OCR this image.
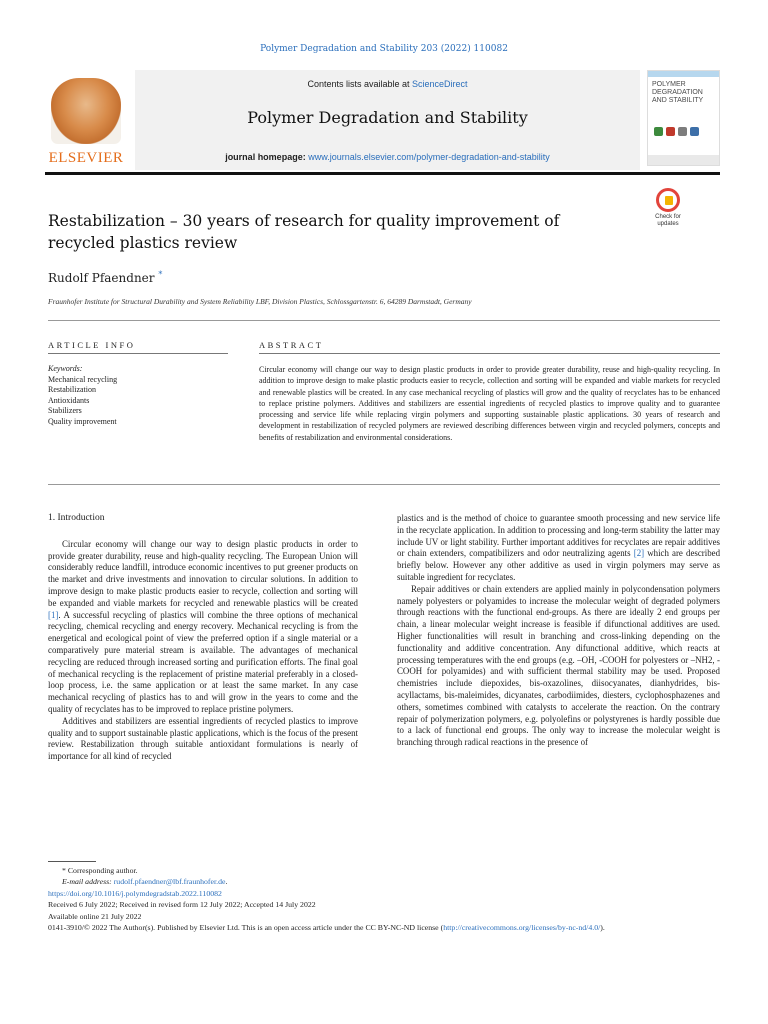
Polymer Degradation and Stability 203 (2022) 110082
ELSEVIER
Contents lists available at ScienceDirect
Polymer Degradation and Stability
journal homepage: www.journals.elsevier.com/polymer-degradation-and-stability
POLYMER DEGRADATION AND STABILITY
Restabilization – 30 years of research for quality improvement of recycled plastics review
Check for updates
Rudolf Pfaendner *
Fraunhofer Institute for Structural Durability and System Reliability LBF, Division Plastics, Schlossgartenstr. 6, 64289 Darmstadt, Germany
ARTICLE INFO	ABSTRACT
Keywords:
Mechanical recycling
Restabilization
Antioxidants
Stabilizers
Quality improvement
Circular economy will change our way to design plastic products in order to provide greater durability, reuse and high-quality recycling. In addition to improve design to make plastic products easier to recycle, collection and sorting will be expanded and viable markets for recycled and renewable plastics will be created. In any case mechanical recycling of plastics will grow and the quality of recyclates has to be enhanced to replace pristine polymers. Additives and stabilizers are essential ingredients of recycled plastics to improve quality and to guarantee processing and service life while replacing virgin polymers and supporting sustainable plastic applications. 30 years of research and development in restabilization of recycled polymers are reviewed describing differences between virgin and recycled polymers, concepts and benefits of restabilization and environmental considerations.
1. Introduction

Circular economy will change our way to design plastic products in order to provide greater durability, reuse and high-quality recycling. The European Union will considerably reduce landfill, introduce economic incentives to put greener products on the market and drive investments and innovation to circular solutions. In addition to improve design to make plastic products easier to recycle, collection and sorting will be expanded and viable markets for recycled and renewable plastics will be created [1]. A successful recycling of plastics will combine the three options of mechanical recycling, chemical recycling and energy recovery. Mechanical recycling is from the energetical and ecological point of view the preferred option if a single material or a comparatively pure material stream is available. The advantages of mechanical recycling are reduced through increased sorting and purification efforts. The final goal of mechanical recycling is the replacement of pristine material preferably in a closed-loop process, i.e. the same application or at least the same market. In any case mechanical recycling of plastics has to and will grow in the years to come and the quality of recyclates has to be improved to replace pristine polymers.

Additives and stabilizers are essential ingredients of recycled plastics to improve quality and to support sustainable plastic applications, which is the focus of the present review. Restabilization through suitable antioxidant formulations is nearly of importance for all kind of recycled

plastics and is the method of choice to guarantee smooth processing and new service life in the recyclate application. In addition to processing and long-term stability the latter may include UV or light stability. Further important additives for recyclates are repair additives or chain extenders, compatibilizers and odor neutralizing agents [2] which are described briefly below. However any other additive as used in virgin polymers may serve as suitable ingredient for recyclates.

Repair additives or chain extenders are applied mainly in polycondensation polymers namely polyesters or polyamides to increase the molecular weight of degraded polymers through reactions with the functional end-groups. As there are ideally 2 end groups per chain, a linear molecular weight increase is feasible if difunctional additives are used. Higher functionalities will result in branching and cross-linking depending on the functionality and additive concentration. Any difunctional additive, which reacts at processing temperatures with the end groups (e.g. –OH, -COOH for polyesters or –NH2, -COOH for polyamides) and with sufficient thermal stability may be used. Proposed chemistries include diepoxides, bis-oxazolines, diisocyanates, dianhydrides, bis-acyllactams, bis-maleimides, dicyanates, carbodiimides, diesters, cyclophosphazenes and others, sometimes combined with catalysts to accelerate the reaction. On the contrary repair of polymerization polymers, e.g. polyolefins or polystyrenes is hardly possible due to a lack of functional end groups. The only way to increase the molecular weight is branching through radical reactions in the presence of

* Corresponding author.
E-mail address: rudolf.pfaendner@lbf.fraunhofer.de.
https://doi.org/10.1016/j.polymdegradstab.2022.110082
Received 6 July 2022; Received in revised form 12 July 2022; Accepted 14 July 2022
Available online 21 July 2022
0141-3910/© 2022 The Author(s). Published by Elsevier Ltd. This is an open access article under the CC BY-NC-ND license (http://creativecommons.org/licenses/by-nc-nd/4.0/).
